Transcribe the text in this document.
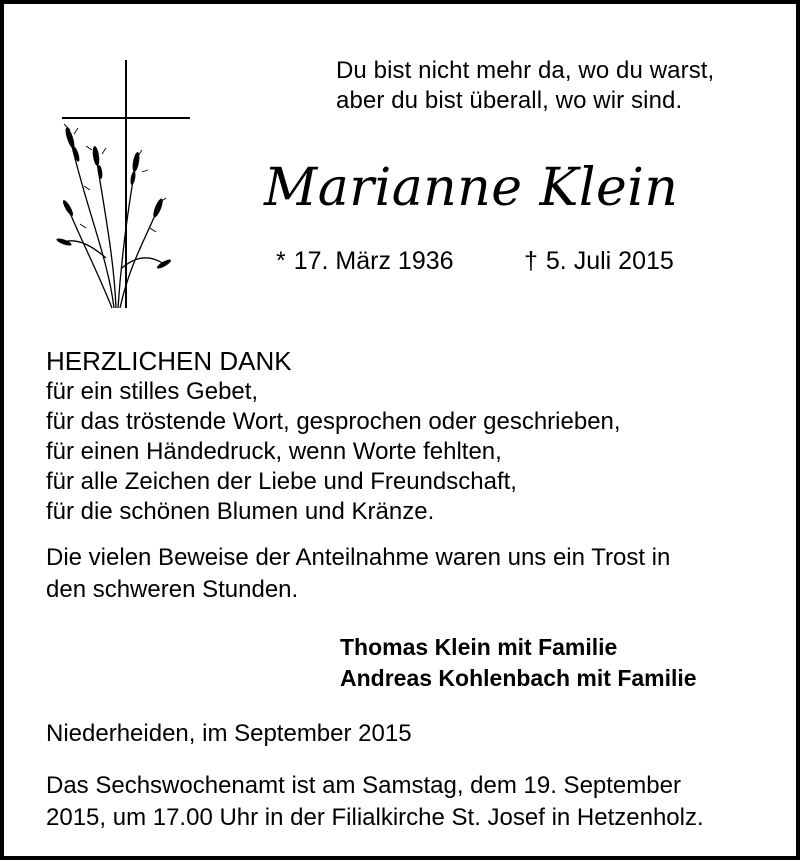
Du bist nicht mehr da, wo du warst,
aber du bist überall, wo wir sind.
Marianne Klein
* 17. März 1936	† 5. Juli 2015
HERZLICHEN DANK
für ein stilles Gebet,
für das tröstende Wort, gesprochen oder geschrieben,
für einen Händedruck, wenn Worte fehlten,
für alle Zeichen der Liebe und Freundschaft,
für die schönen Blumen und Kränze.
Die vielen Beweise der Anteilnahme waren uns ein Trost in
den schweren Stunden.
Thomas Klein mit Familie
Andreas Kohlenbach mit Familie
Niederheiden, im September 2015
Das Sechswochenamt ist am Samstag, dem 19. September
2015, um 17.00 Uhr in der Filialkirche St. Josef in Hetzenholz.
